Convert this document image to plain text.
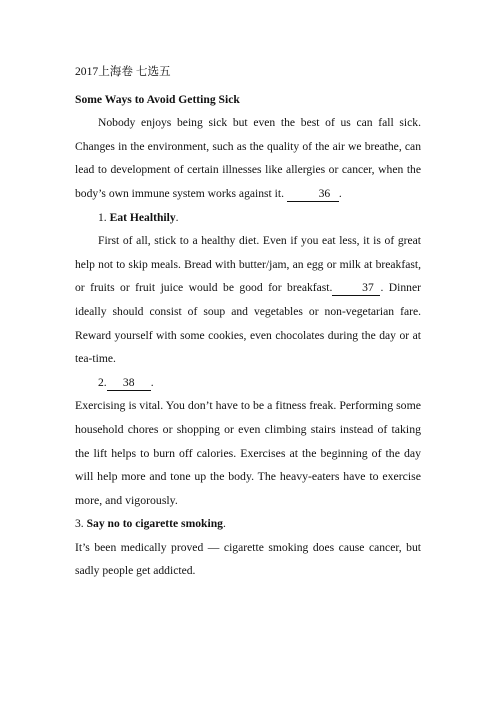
2017上海卷 七选五

Some Ways to Avoid Getting Sick

Nobody enjoys being sick but even the best of us can fall sick. Changes in the environment, such as the quality of the air we breathe, can lead to development of certain illnesses like allergies or cancer, when the body’s own immune system works against it.	36 .

1. Eat Healthily.

First of all, stick to a healthy diet. Even if you eat less, it is of great help not to skip meals. Bread with butter/jam, an egg or milk at breakfast, or fruits or fruit juice would be good for breakfast.	37 . Dinner ideally should consist of soup and vegetables or non-vegetarian fare. Reward yourself with some cookies, even chocolates during the day or at tea-time.

2. 38 .

Exercising is vital. You don’t have to be a fitness freak. Performing some household chores or shopping or even climbing stairs instead of taking the lift helps to burn off calories. Exercises at the beginning of the day will help more and tone up the body. The heavy-eaters have to exercise more, and vigorously.

3. Say no to cigarette smoking.

It’s been medically proved — cigarette smoking does cause cancer, but sadly people get addicted.
